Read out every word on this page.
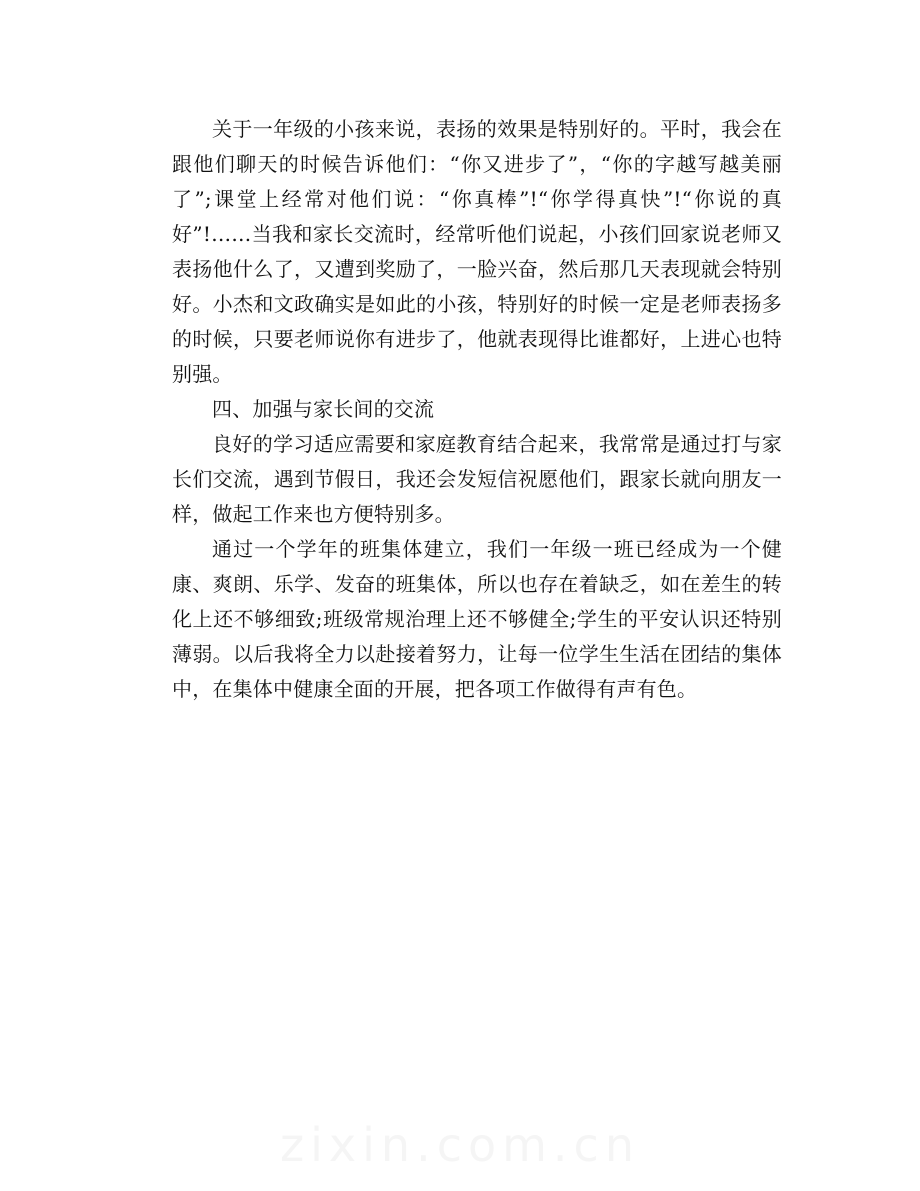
关于一年级的小孩来说，表扬的效果是特别好的。平时，我会在跟他们聊天的时候告诉他们：“你又进步了”，“你的字越写越美丽了”;课堂上经常对他们说：“你真棒”!“你学得真快”!“你说的真好”!……当我和家长交流时，经常听他们说起，小孩们回家说老师又表扬他什么了，又遭到奖励了，一脸兴奋，然后那几天表现就会特别好。小杰和文政确实是如此的小孩，特别好的时候一定是老师表扬多的时候，只要老师说你有进步了，他就表现得比谁都好，上进心也特别强。

四、加强与家长间的交流

良好的学习适应需要和家庭教育结合起来，我常常是通过打与家长们交流，遇到节假日，我还会发短信祝愿他们，跟家长就向朋友一样，做起工作来也方便特别多。

通过一个学年的班集体建立，我们一年级一班已经成为一个健康、爽朗、乐学、发奋的班集体，所以也存在着缺乏，如在差生的转化上还不够细致;班级常规治理上还不够健全;学生的平安认识还特别薄弱。以后我将全力以赴接着努力，让每一位学生生活在团结的集体中，在集体中健康全面的开展，把各项工作做得有声有色。

zixin.com.cn
